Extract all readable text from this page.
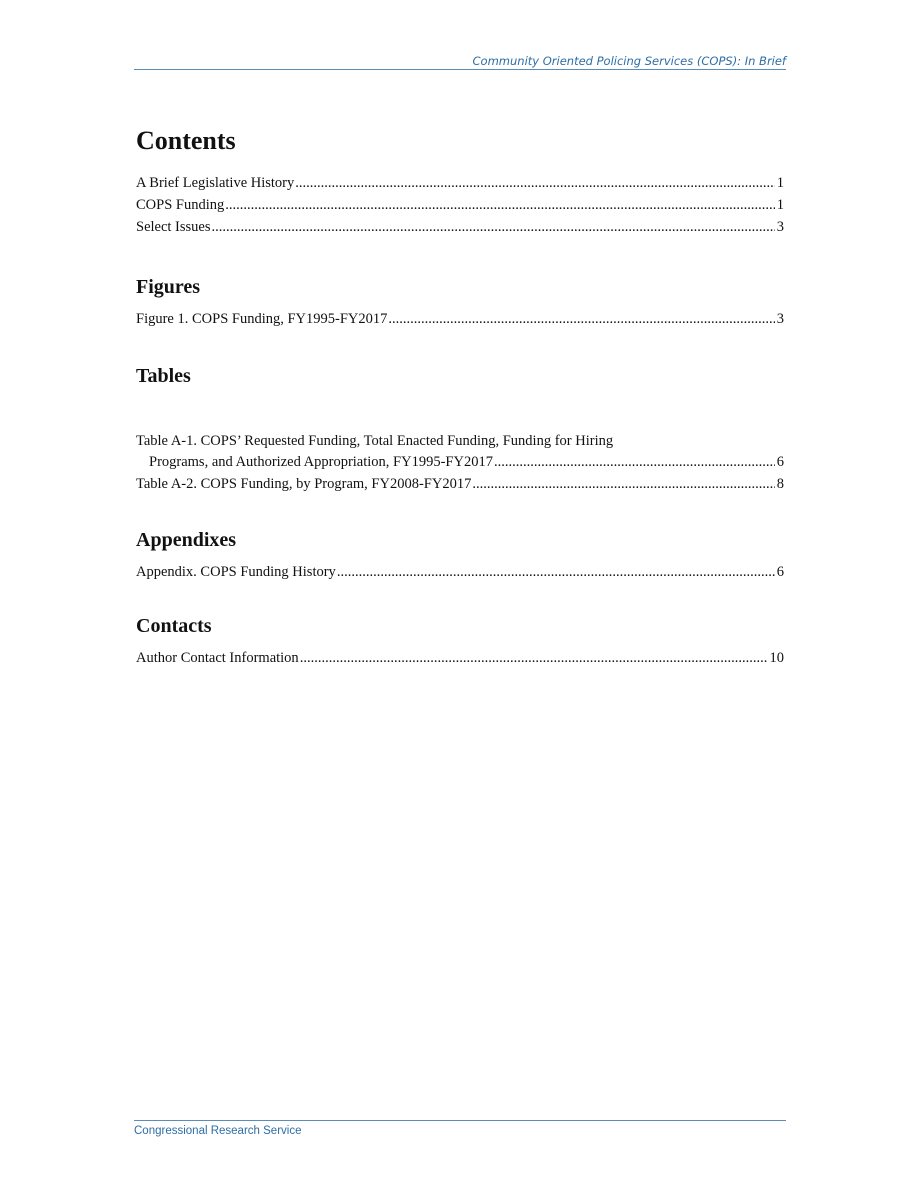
Community Oriented Policing Services (COPS): In Brief
Contents
A Brief Legislative History .....	1
COPS Funding .....	1
Select Issues .....	3
Figures
Figure 1. COPS Funding, FY1995-FY2017 .....	3
Tables
Table A-1. COPS’ Requested Funding, Total Enacted Funding, Funding for Hiring
Programs, and Authorized Appropriation, FY1995-FY2017 .....	6
Table A-2. COPS Funding, by Program, FY2008-FY2017 .....	8
Appendixes
Appendix. COPS Funding History .....	6
Contacts
Author Contact Information .....	10
Congressional Research Service
